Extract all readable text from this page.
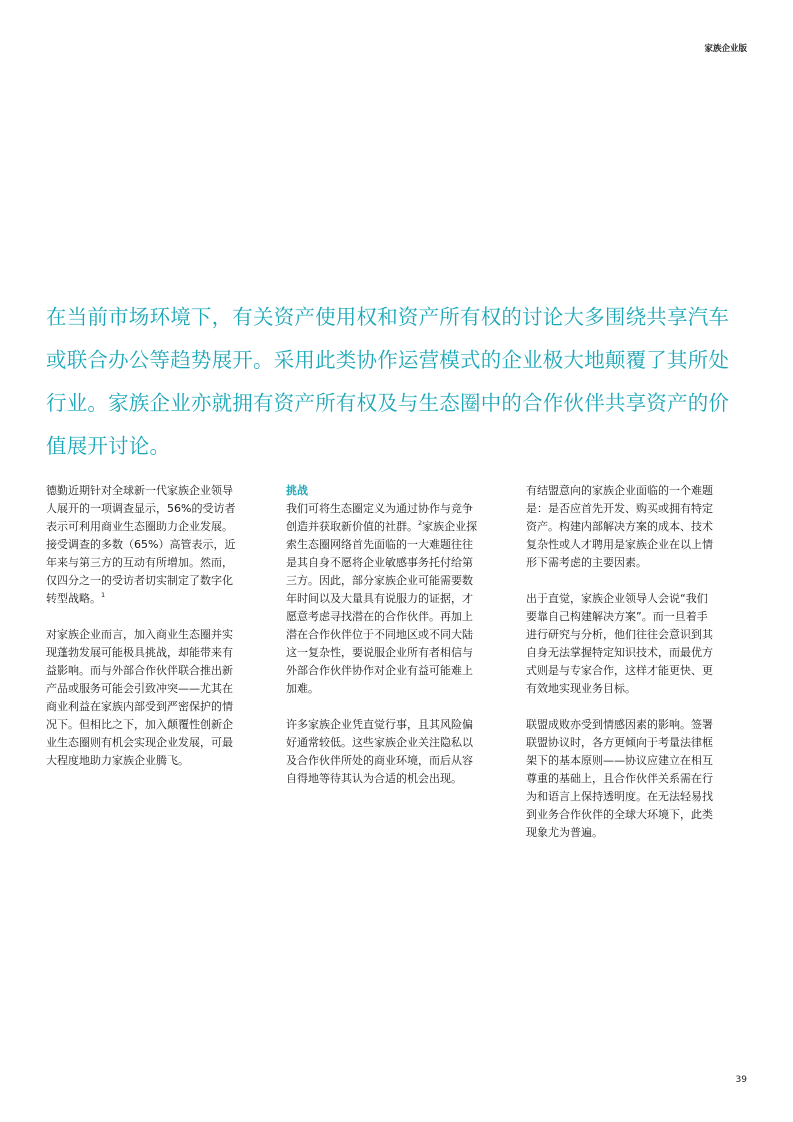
家族企业版
在当前市场环境下，有关资产使用权和资产所有权的讨论大多围绕共享汽车
或联合办公等趋势展开。采用此类协作运营模式的企业极大地颠覆了其所处
行业。家族企业亦就拥有资产所有权及与生态圈中的合作伙伴共享资产的价
值展开讨论。
德勤近期针对全球新一代家族企业领导
人展开的一项调查显示，56%的受访者
表示可利用商业生态圈助力企业发展。
接受调查的多数（65%）高管表示，近
年来与第三方的互动有所增加。然而，
仅四分之一的受访者切实制定了数字化
转型战略。$^1$
对家族企业而言，加入商业生态圈并实
现蓬勃发展可能极具挑战，却能带来有
益影响。而与外部合作伙伴联合推出新
产品或服务可能会引致冲突——尤其在
商业利益在家族内部受到严密保护的情
况下。但相比之下，加入颠覆性创新企
业生态圈则有机会实现企业发展，可最
大程度地助力家族企业腾飞。
挑战
我们可将生态圈定义为通过协作与竞争
创造并获取新价值的社群。$^2$家族企业探
索生态圈网络首先面临的一大难题往往
是其自身不愿将企业敏感事务托付给第
三方。因此，部分家族企业可能需要数
年时间以及大量具有说服力的证据，才
愿意考虑寻找潜在的合作伙伴。再加上
潜在合作伙伴位于不同地区或不同大陆
这一复杂性，要说服企业所有者相信与
外部合作伙伴协作对企业有益可能难上
加难。
许多家族企业凭直觉行事，且其风险偏
好通常较低。这些家族企业关注隐私以
及合作伙伴所处的商业环境，而后从容
自得地等待其认为合适的机会出现。
有结盟意向的家族企业面临的一个难题
是：是否应首先开发、购买或拥有特定
资产。构建内部解决方案的成本、技术
复杂性或人才聘用是家族企业在以上情
形下需考虑的主要因素。
出于直觉，家族企业领导人会说“我们
要靠自己构建解决方案”。而一旦着手
进行研究与分析，他们往往会意识到其
自身无法掌握特定知识技术，而最优方
式则是与专家合作，这样才能更快、更
有效地实现业务目标。
联盟成败亦受到情感因素的影响。签署
联盟协议时，各方更倾向于考量法律框
架下的基本原则——协议应建立在相互
尊重的基础上，且合作伙伴关系需在行
为和语言上保持透明度。在无法轻易找
到业务合作伙伴的全球大环境下，此类
现象尤为普遍。
39
